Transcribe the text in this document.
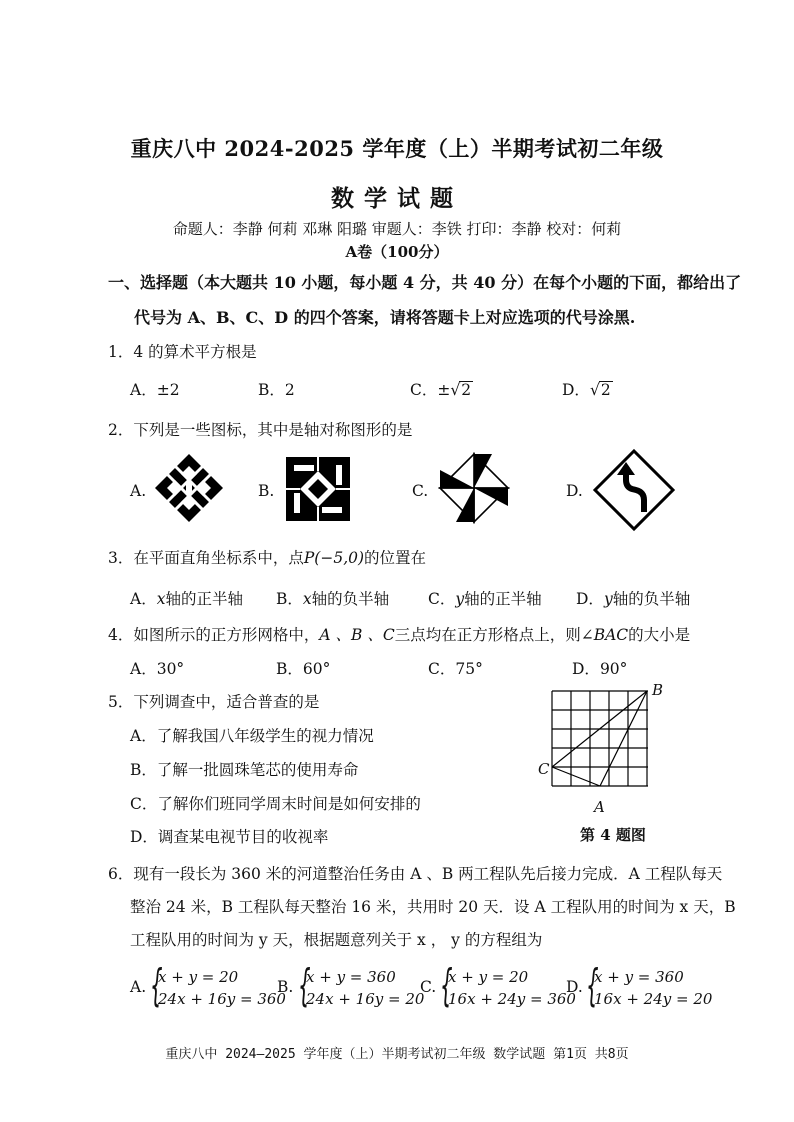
重庆八中 2024-2025 学年度（上）半期考试初二年级
数学试题
命题人：李静 何莉 邓琳 阳璐 审题人：李铁 打印：李静 校对：何莉
A卷（100分）
一、选择题（本大题共 10 小题，每小题 4 分，共 40 分）在每个小题的下面，都给出了
代号为 A、B、C、D 的四个答案，请将答题卡上对应选项的代号涂黑.
1．4 的算术平方根是
A．±2	B．2	C．±√2	D．√2
2．下列是一些图标，其中是轴对称图形的是
A.	B.	C.	D.
3．在平面直角坐标系中，点P(−5,0)的位置在
A．x轴的正半轴 B．x轴的负半轴	C．y轴的正半轴 D．y轴的负半轴
4．如图所示的正方形网格中，A 、B 、C三点均在正方形格点上，则∠BAC的大小是
A．30°	B．60°	C．75°	D．90°
B
C
A
第 4 题图
5．下列调查中，适合普查的是
A．了解我国八年级学生的视力情况
B．了解一批圆珠笔芯的使用寿命
C．了解你们班同学周末时间是如何安排的
D．调查某电视节目的收视率
6．现有一段长为 360 米的河道整治任务由 A 、B 两工程队先后接力完成．A 工程队每天
整治 24 米，B 工程队每天整治 16 米，共用时 20 天．设 A 工程队用的时间为 x 天，B
工程队用的时间为 y 天，根据题意列关于 x ， y 的方程组为
A. {
x + y = 20
24x + 16y = 360
B. {
x + y = 360
24x + 16y = 20
C. {
x + y = 20
16x + 24y = 360
D. {
x + y = 360
16x + 24y = 20
重庆八中 2024—2025 学年度（上）半期考试初二年级 数学试题 第1页 共8页
